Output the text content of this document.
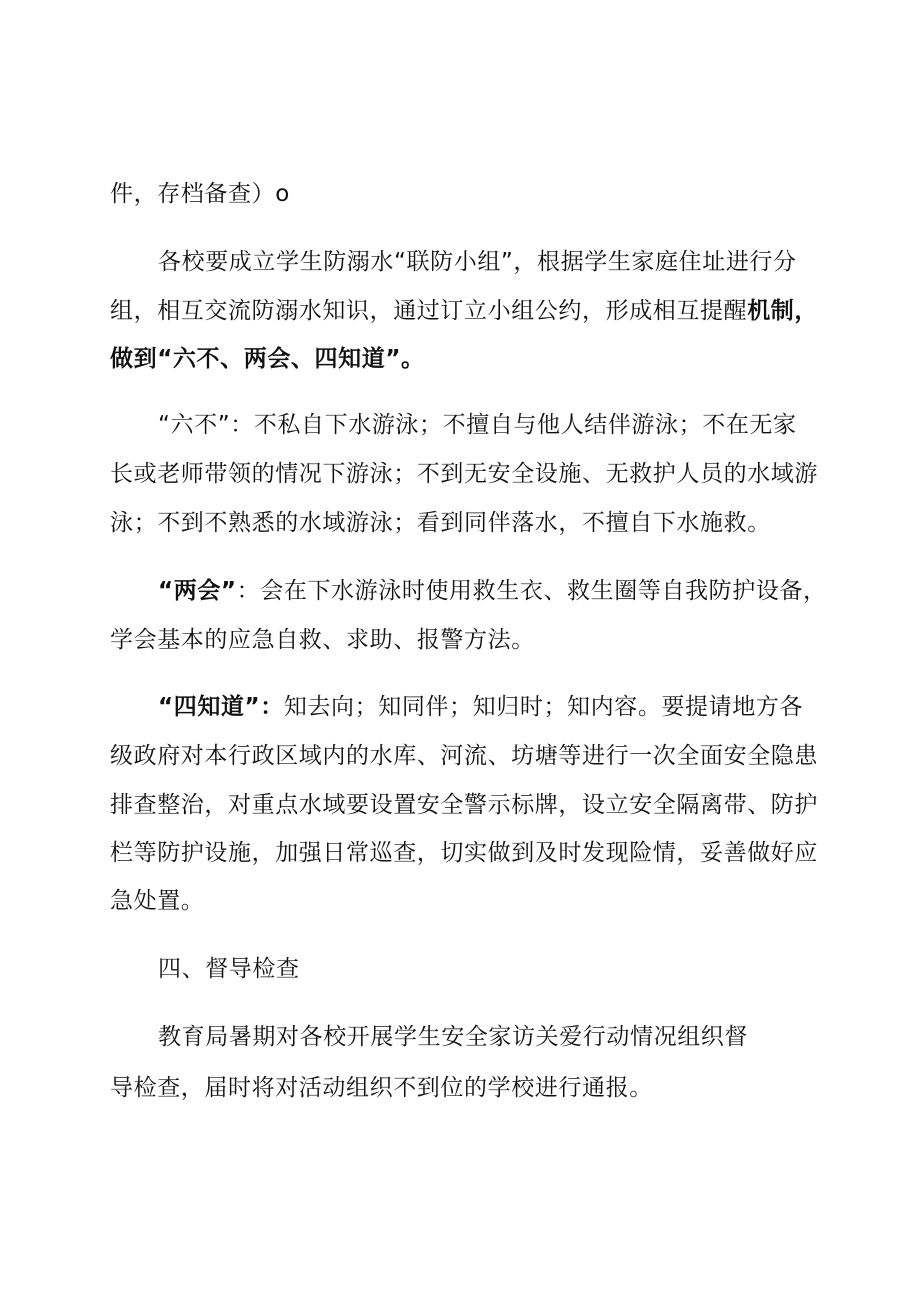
件，存档备查）o

各校要成立学生防溺水“联防小组”，根据学生家庭住址进行分

组，相互交流防溺水知识，通过订立小组公约，形成相互提醒机制，

做到“六不、两会、四知道”。

“六不”：不私自下水游泳；不擅自与他人结伴游泳；不在无家

长或老师带领的情况下游泳；不到无安全设施、无救护人员的水域游

泳；不到不熟悉的水域游泳；看到同伴落水，不擅自下水施救。

“两会”：会在下水游泳时使用救生衣、救生圈等自我防护设备，

学会基本的应急自救、求助、报警方法。

“四知道”：知去向；知同伴；知归时；知内容。要提请地方各

级政府对本行政区域内的水库、河流、坊塘等进行一次全面安全隐患

排查整治，对重点水域要设置安全警示标牌，设立安全隔离带、防护

栏等防护设施，加强日常巡查，切实做到及时发现险情，妥善做好应

急处置。

四、督导检查

教育局暑期对各校开展学生安全家访关爱行动情况组织督

导检查，届时将对活动组织不到位的学校进行通报。
